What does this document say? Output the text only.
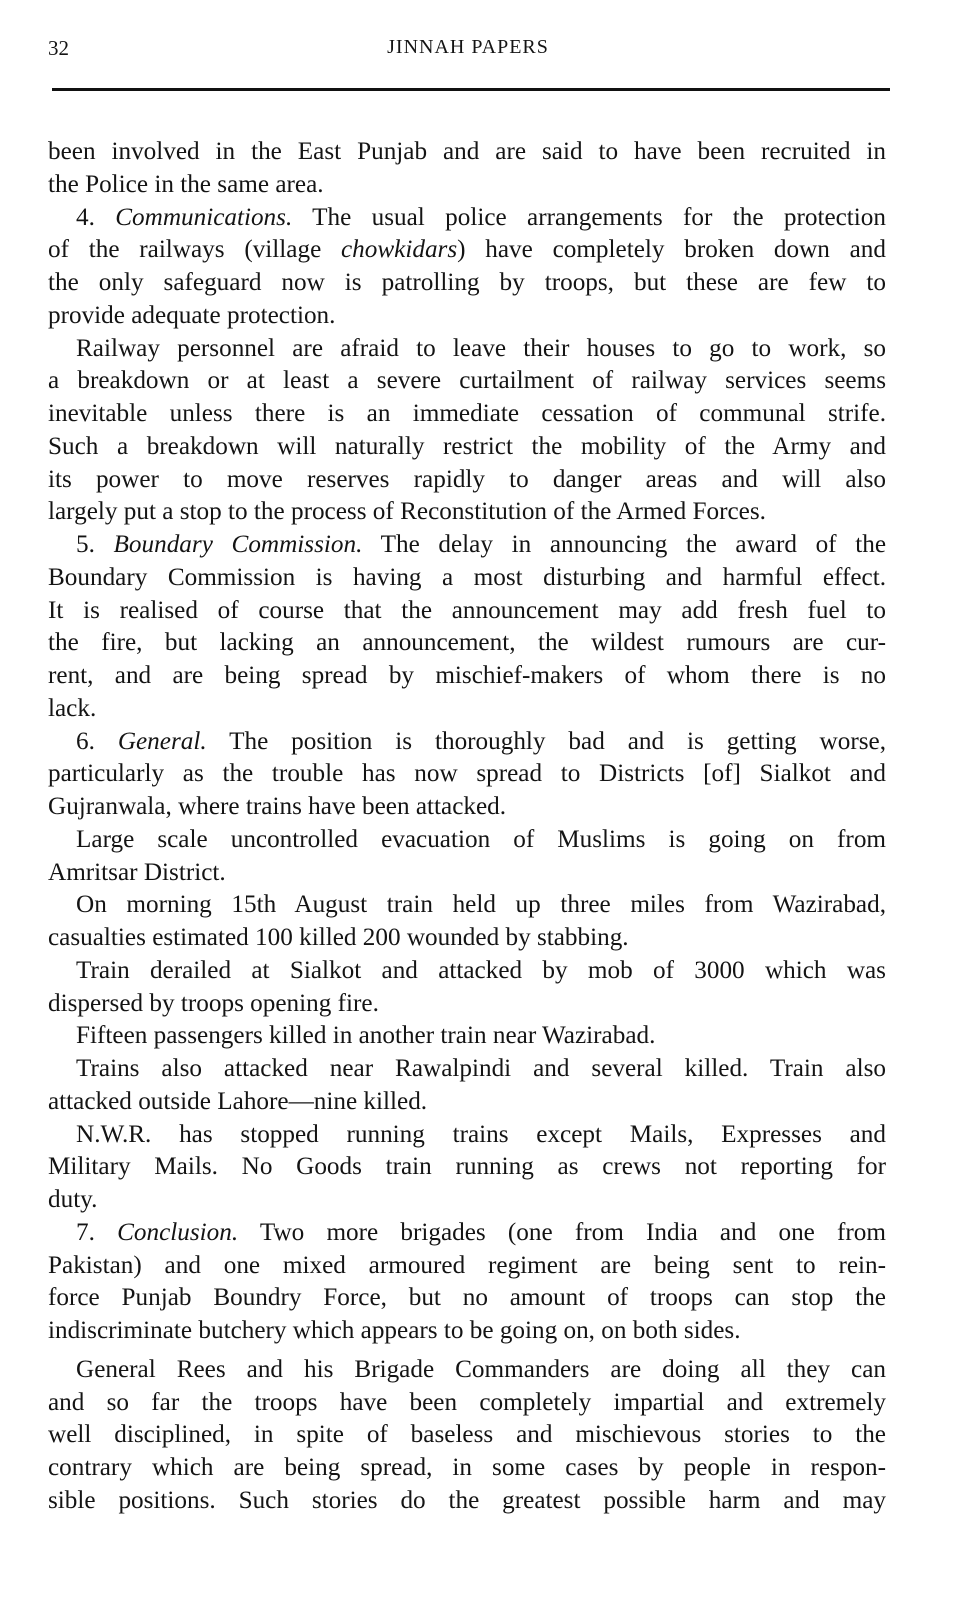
32	JINNAH PAPERS
been involved in the East Punjab and are said to have been recruited in
the Police in the same area.
4. Communications. The usual police arrangements for the protection
of the railways (village chowkidars) have completely broken down and
the only safeguard now is patrolling by troops, but these are few to
provide adequate protection.
Railway personnel are afraid to leave their houses to go to work, so
a breakdown or at least a severe curtailment of railway services seems
inevitable unless there is an immediate cessation of communal strife.
Such a breakdown will naturally restrict the mobility of the Army and
its power to move reserves rapidly to danger areas and will also
largely put a stop to the process of Reconstitution of the Armed Forces.
5. Boundary Commission. The delay in announcing the award of the
Boundary Commission is having a most disturbing and harmful effect.
It is realised of course that the announcement may add fresh fuel to
the fire, but lacking an announcement, the wildest rumours are cur-
rent, and are being spread by mischief-makers of whom there is no
lack.
6. General. The position is thoroughly bad and is getting worse,
particularly as the trouble has now spread to Districts [of] Sialkot and
Gujranwala, where trains have been attacked.
Large scale uncontrolled evacuation of Muslims is going on from
Amritsar District.
On morning 15th August train held up three miles from Wazirabad,
casualties estimated 100 killed 200 wounded by stabbing.
Train derailed at Sialkot and attacked by mob of 3000 which was
dispersed by troops opening fire.
Fifteen passengers killed in another train near Wazirabad.
Trains also attacked near Rawalpindi and several killed. Train also
attacked outside Lahore—nine killed.
N.W.R. has stopped running trains except Mails, Expresses and
Military Mails. No Goods train running as crews not reporting for
duty.
7. Conclusion. Two more brigades (one from India and one from
Pakistan) and one mixed armoured regiment are being sent to rein-
force Punjab Boundry Force, but no amount of troops can stop the
indiscriminate butchery which appears to be going on, on both sides.
General Rees and his Brigade Commanders are doing all they can
and so far the troops have been completely impartial and extremely
well disciplined, in spite of baseless and mischievous stories to the
contrary which are being spread, in some cases by people in respon-
sible positions. Such stories do the greatest possible harm and may
